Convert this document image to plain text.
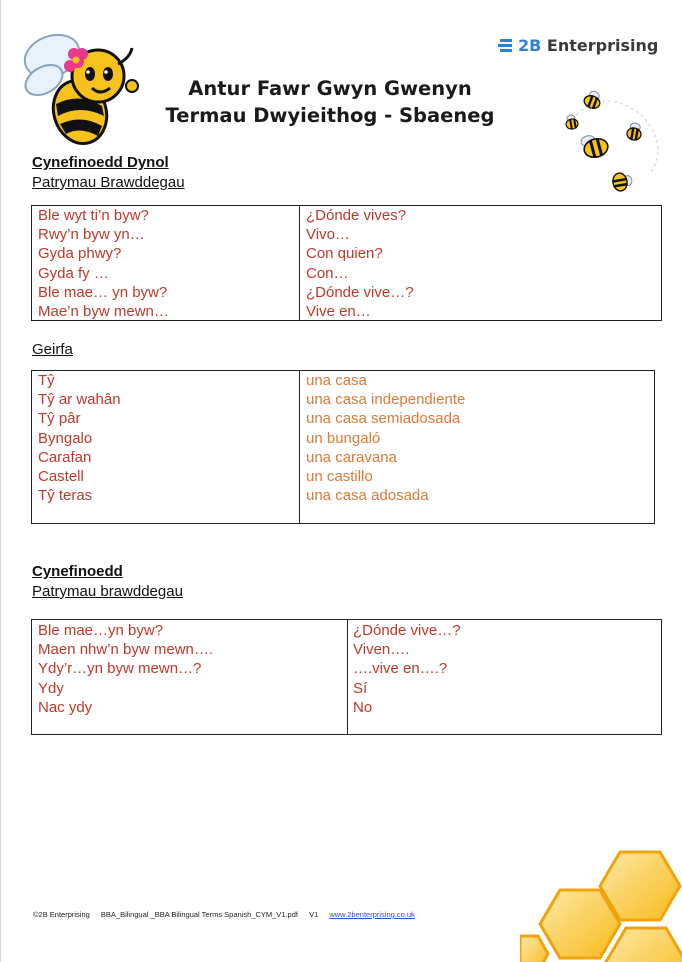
2B Enterprising
Antur Fawr Gwyn Gwenyn
Termau Dwyieithog - Sbaeneg
Cynefinoedd Dynol
Patrymau Brawddegau
Ble wyt ti’n byw?
Rwy’n byw yn…
Gyda phwy?
Gyda fy …
Ble mae… yn byw?
Mae’n byw mewn…
¿Dónde vives?
Vivo…
Con quien?
Con…
¿Dónde vive…?
Vive en…
Geirfa
Tŷ
Tŷ ar wahân
Tŷ pâr
Byngalo
Carafan
Castell
Tŷ teras
una casa
una casa independiente
una casa semiadosada
un bungaló
una caravana
un castillo
una casa adosada
Cynefinoedd
Patrymau brawddegau
Ble mae…yn byw?
Maen nhw’n byw mewn….
Ydy’r…yn byw mewn…?
Ydy
Nac ydy
¿Dónde vive…?
Viven….
….vive en….?
Sí
No
©2B Enterprising BBA_Bilingual _BBA Bilingual Terms Spanish_CYM_V1.pdf V1 www.2benterprising.co.uk
